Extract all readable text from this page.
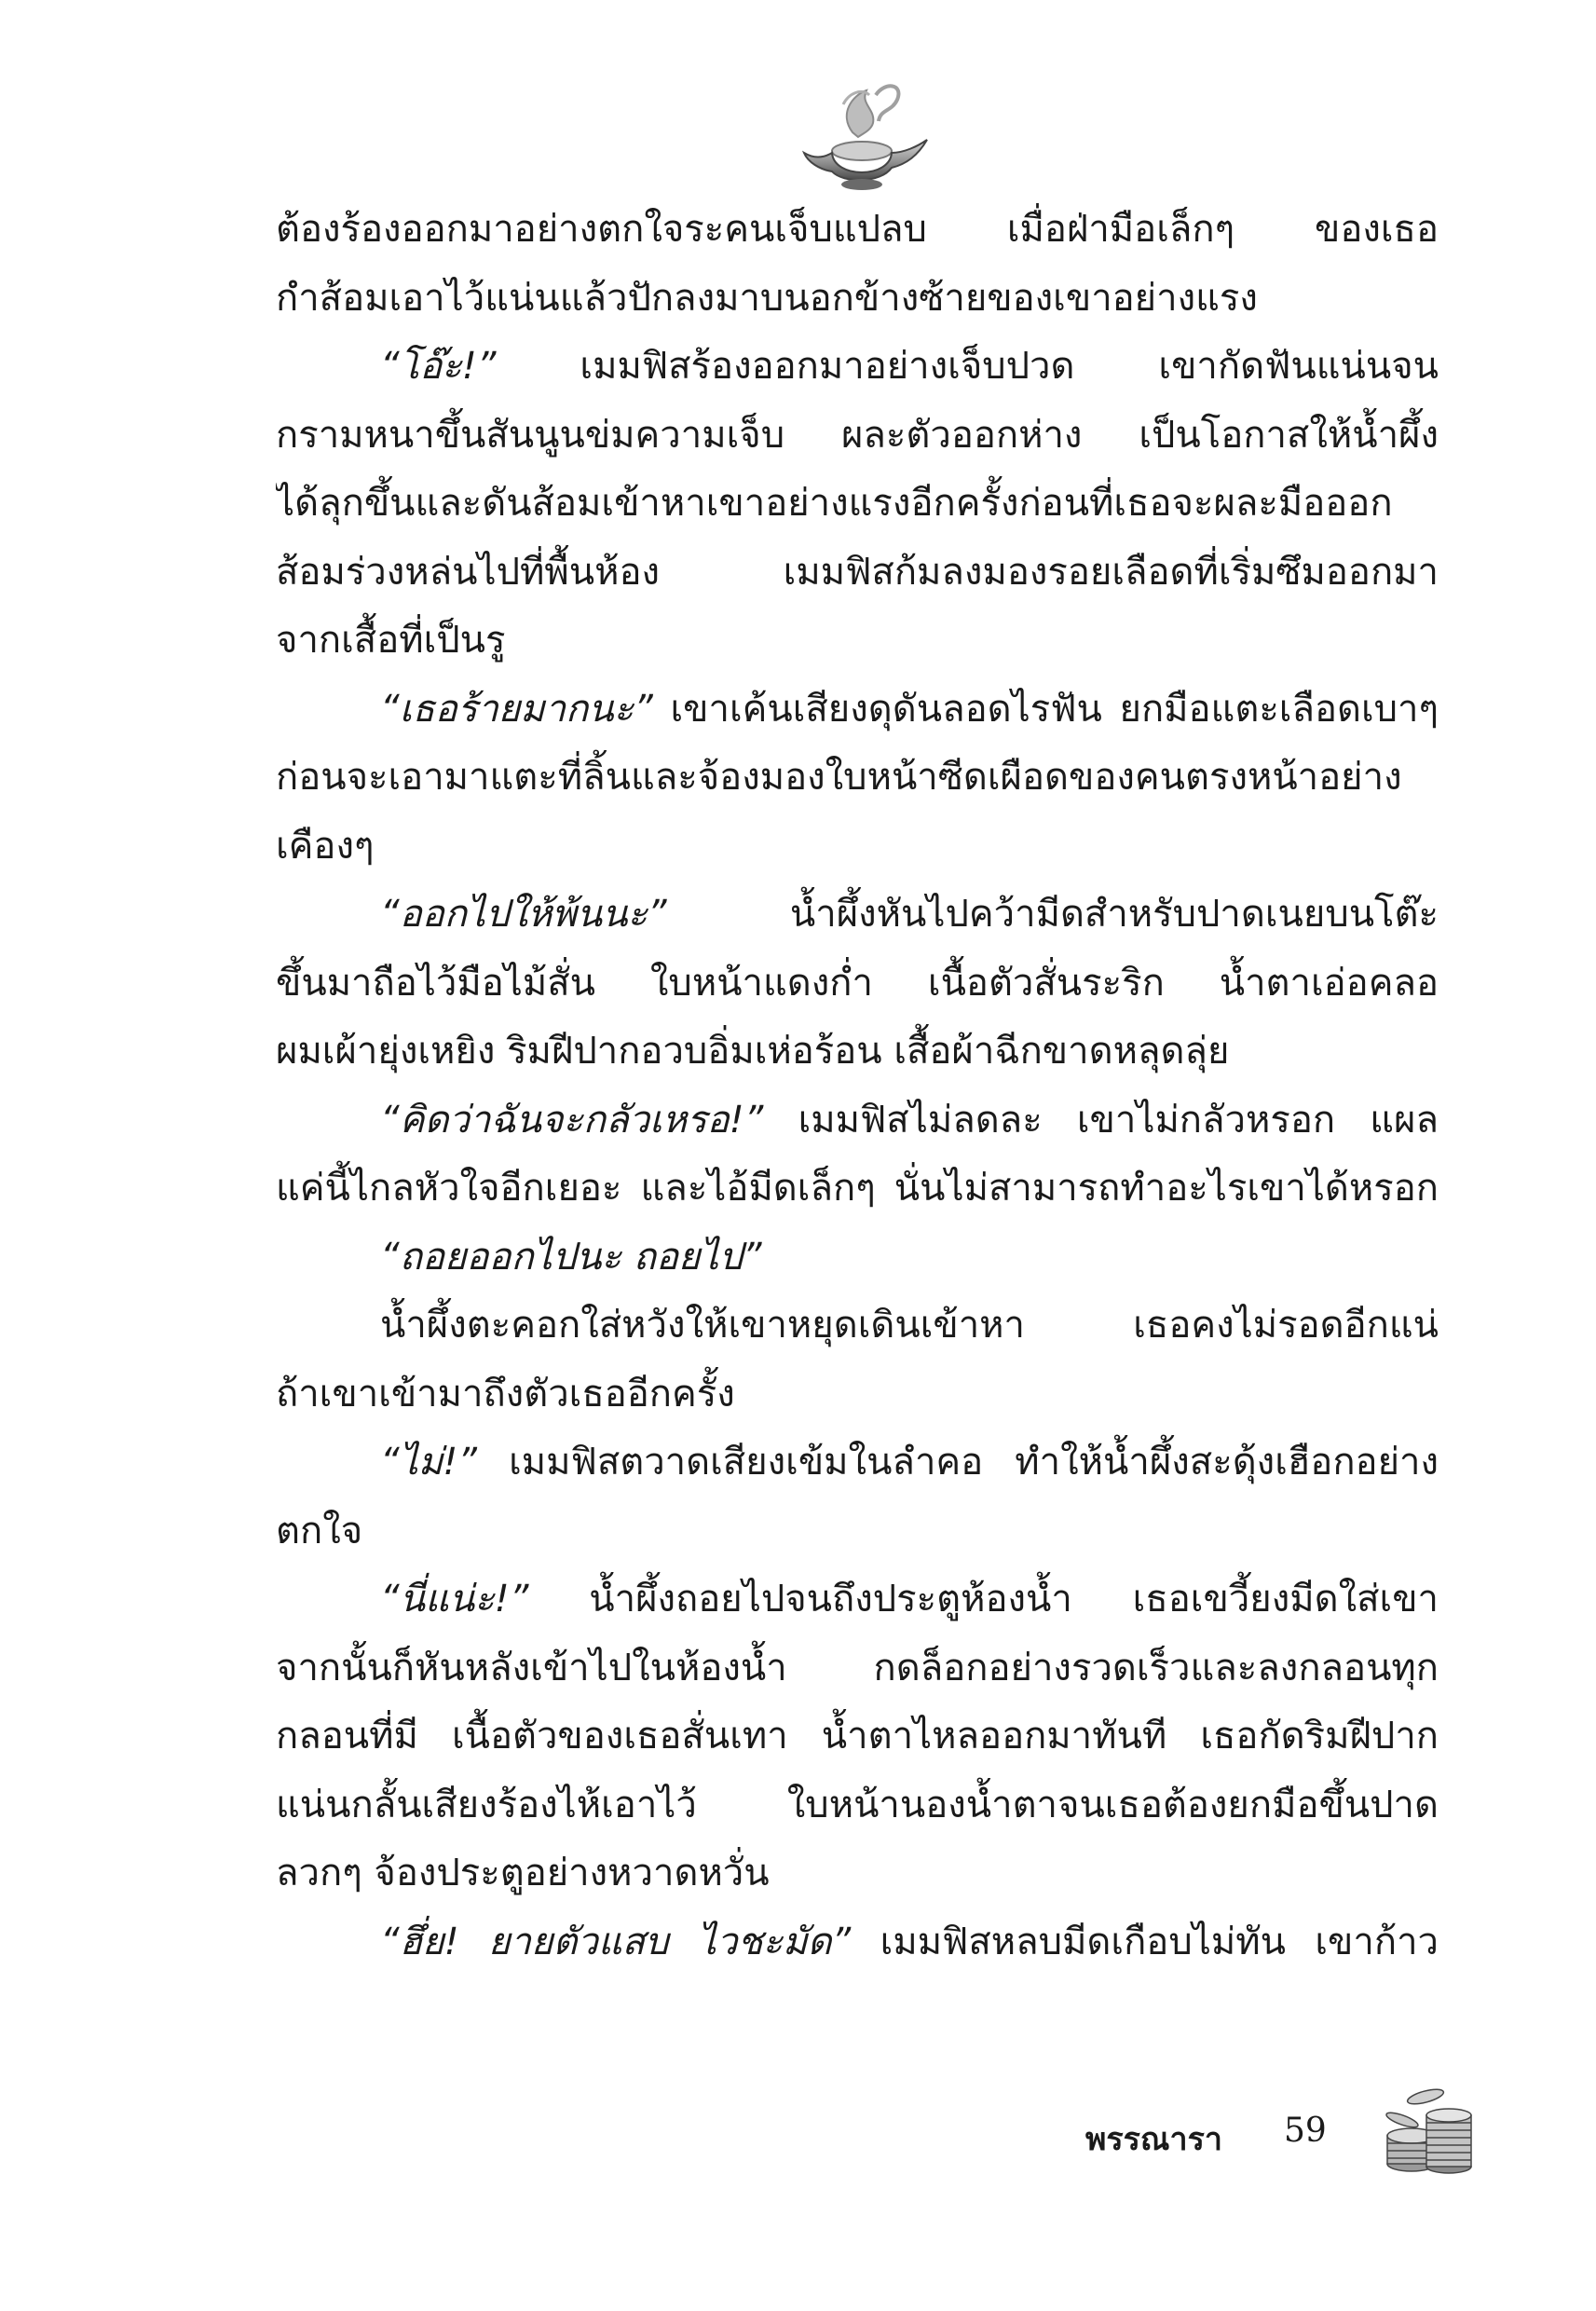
ต้องร้องออกมาอย่างตกใจระคนเจ็บแปลบ เมื่อฝ่ามือเล็กๆ ของเธอ
กำส้อมเอาไว้แน่นแล้วปักลงมาบนอกข้างซ้ายของเขาอย่างแรง
“โอ๊ะ!” เมมฟิสร้องออกมาอย่างเจ็บปวด เขากัดฟันแน่นจน
กรามหนาขึ้นสันนูนข่มความเจ็บ ผละตัวออกห่าง เป็นโอกาสให้น้ำผึ้ง
ได้ลุกขึ้นและดันส้อมเข้าหาเขาอย่างแรงอีกครั้งก่อนที่เธอจะผละมือออก
ส้อมร่วงหล่นไปที่พื้นห้อง เมมฟิสก้มลงมองรอยเลือดที่เริ่มซึมออกมา
จากเสื้อที่เป็นรู
“เธอร้ายมากนะ” เขาเค้นเสียงดุดันลอดไรฟัน ยกมือแตะเลือดเบาๆ
ก่อนจะเอามาแตะที่ลิ้นและจ้องมองใบหน้าซีดเผือดของคนตรงหน้าอย่าง
เคืองๆ
“ออกไปให้พ้นนะ” น้ำผึ้งหันไปคว้ามีดสำหรับปาดเนยบนโต๊ะ
ขึ้นมาถือไว้มือไม้สั่น ใบหน้าแดงก่ำ เนื้อตัวสั่นระริก น้ำตาเอ่อคลอ
ผมเผ้ายุ่งเหยิง ริมฝีปากอวบอิ่มเห่อร้อน เสื้อผ้าฉีกขาดหลุดลุ่ย
“คิดว่าฉันจะกลัวเหรอ!” เมมฟิสไม่ลดละ เขาไม่กลัวหรอก แผล
แค่นี้ไกลหัวใจอีกเยอะ และไอ้มีดเล็กๆ นั่นไม่สามารถทำอะไรเขาได้หรอก
“ถอยออกไปนะ ถอยไป”
น้ำผึ้งตะคอกใส่หวังให้เขาหยุดเดินเข้าหา เธอคงไม่รอดอีกแน่
ถ้าเขาเข้ามาถึงตัวเธออีกครั้ง
“ไม่!” เมมฟิสตวาดเสียงเข้มในลำคอ ทำให้น้ำผึ้งสะดุ้งเฮือกอย่าง
ตกใจ
“นี่แน่ะ!” น้ำผึ้งถอยไปจนถึงประตูห้องน้ำ เธอเขวี้ยงมีดใส่เขา
จากนั้นก็หันหลังเข้าไปในห้องน้ำ กดล็อกอย่างรวดเร็วและลงกลอนทุก
กลอนที่มี เนื้อตัวของเธอสั่นเทา น้ำตาไหลออกมาทันที เธอกัดริมฝีปาก
แน่นกลั้นเสียงร้องไห้เอาไว้ ใบหน้านองน้ำตาจนเธอต้องยกมือขึ้นปาด
ลวกๆ จ้องประตูอย่างหวาดหวั่น
“ฮึ่ย! ยายตัวแสบ ไวชะมัด” เมมฟิสหลบมีดเกือบไม่ทัน เขาก้าว
พรรณารา 59
